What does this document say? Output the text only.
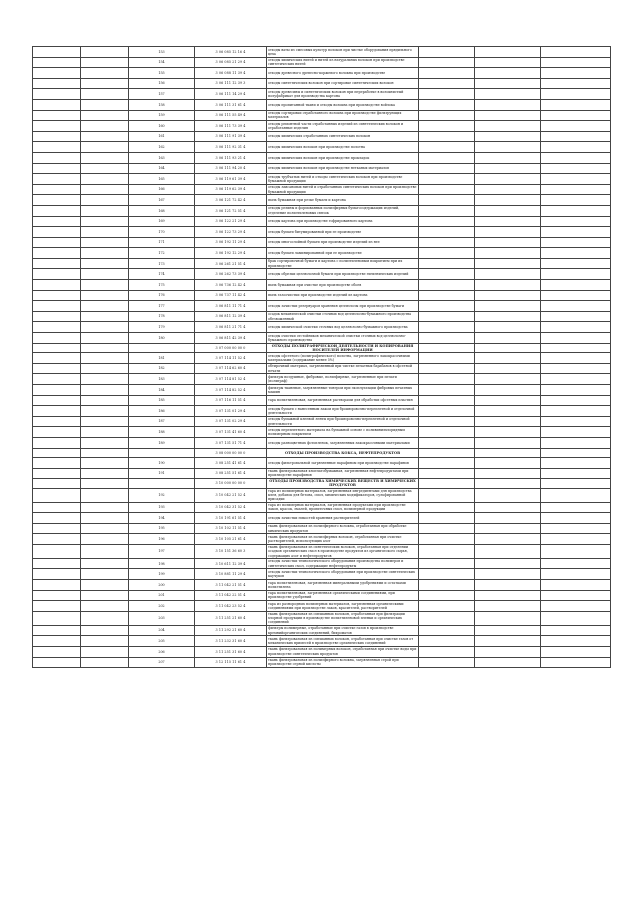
		153	3 06 085 12 16 4	отходы ваты из смесовых культур волокон при чистке оборудования прядильного цеха			
		154	3 06 085 21 29 4	отходы химических нитей и нитей из натуральных волокон при производстве синтетических нитей			
		155	3 06 088 11 39 4	отходы древесного древесно-коржевого волокна при производстве			
		156	3 06 111 12 39 3	отходы синтетических волокон при сортировке синтетических волокон			
		157	3 06 111 14 29 4	отходы древесины и синтетических волокон при переработке в волокнистый полуфабрикат для производства картона			
		158	3 06 111 31 61 4	отходы пропитанной ткани и отходы волокна при производстве войлока			
		159	3 06 111 55 49 4	отходы сортировки отработанного волокна при производстве фильтрующих материалов			
		160	3 06 111 73 39 4	отходы ремонтной части отработанных изделий из синтетических волокон и отработанные изделия			
		161	3 06 111 91 39 4	отходы химических отработанных синтетических волокон			
		162	3 06 111 92 31 4	отходы химических волокон при производстве полотна			
		163	3 06 111 93 21 4	отходы химических волокон при производстве прокладок			
		164	3 06 111 94 20 4	отходы химических волокон при производстве нетканых материалов			
		165	3 06 119 61 39 4	отходы трубчатых нитей и отходы синтетических волокон при производстве бумажной продукции			
		166	3 06 119 62 39 4	отходы лавсановых нитей и отработанных синтетических волокон при производстве бумажной продукции			
		167	3 06 121 72 42 4	пыль бумажная при резке бумаги и картона			
		168	3 06 121 72 51 4	отходы резины и формованных полиэфирных бумагосодержащих изделий, отделение полиэтиленовых связок			
		169	3 06 122 21 29 4	отходы картона при производстве гофрированного картона			
		170	3 06 122 73 29 4	отходы бумаги битумированной при ее производстве			
		171	3 06 192 11 29 4	отходы многослойной бумаги при производстве изделий из нее			
		172	3 06 192 12 29 4	отходы бумаги ламинированной при ее производстве			
		173	3 06 261 21 51 4	брак сортировочной бумаги и картона с полиэтиленовым покрытием при их производстве			
		174	3 06 262 73 39 4	отходы обрезки целлюлозной бумаги при производстве гигиенических изделий			
		175	3 06 736 12 42 4	пыль бумажная при очистке при производстве обоев			
		176	3 06 737 11 42 4	пыль газоочистки при производстве изделий из картона			
		177	3 06 811 11 71 4	отходы зачистки резервуаров хранения целлюлозы при производстве бумаги			
		178	3 06 811 12 39 4	осадок механической очистки сточных вод целлюлозно-бумажного производства обезвоженный			
		179	3 06 811 21 71 4	отходы химической очистки сточных вод целлюлозно-бумажного производства			
		180	3 06 811 42 39 4	отходы очистки отстойников механической очистки сточных вод целлюлозно-бумажного производства			
			3 07 000 00 00 0	ОТХОДЫ ПОЛИГРАФИЧЕСКОЙ ДЕЯТЕЛЬНОСТИ И КОПИРОВАНИЯ НОСИТЕЛЕЙ ИНФОРМАЦИИ			
		181	3 07 114 11 52 4	отходы офсетного (полиграфического) полотна, загрязненного лакокрасочными материалами (содержание менее 5%)			
		182	3 07 114 62 60 4	обтирочный материал, загрязненный при чистке печатных барабанов в офсетной печати			
		183	3 07 114 81 52 4	фильтры воздушные, фибровые, полиэфирные, загрязненные при печати (полиграф)			
		184	3 07 114 82 52 4	фильтры тканевые, загрязненные тонером при эксплуатации фибровых печатных машин			
		185	3 07 116 11 51 4	тара полиэтиленовая, загрязненная растворами для обработки офсетных пластин			
		186	3 07 131 01 29 4	отходы бумаги с нанесенным лаком при брошюровочно-переплетной и отделочной деятельности			
		187	3 07 131 02 29 4	отходы бумажной клеевой ленты при брошюровочно-переплетной и отделочной деятельности			
		188	3 07 131 41 60 4	отходы переплетного материала на бумажной основе с поливинилхлоридным полимерным покрытием			
		189	3 07 131 51 71 4	отходы разноцветных фотопленок, загрязненных лакокрасочными материалами			
			3 08 000 00 00 0	ОТХОДЫ ПРОИЗВОДСТВА КОКСА, НЕФТЕПРОДУКТОВ			
		190	3 08 251 41 61 4	отходы фильтровальной загрязненные парафином при производстве парафинов			
		191	3 08 251 51 61 4	ткань фильтровальная хлопчатобумажная, загрязненная нефтепродуктами при производстве парафинов			
			3 10 000 00 00 0	ОТХОДЫ ПРОИЗВОДСТВА ХИМИЧЕСКИХ ВЕЩЕСТВ И ХИМИЧЕСКИХ ПРОДУКТОВ			
		192	3 10 042 21 52 4	тара из полимерных материалов, загрязненная ингредиентами для производства клея, добавок для бетона, смол, химических модификаторов, сульфированной присадки			
		193	3 10 042 31 52 4	тара из полимерных материалов, загрязненная продуктами при производстве лаков, красок, эмалей, пропиточных смол, полимерной продукции			
		194	3 10 191 61 51 4	отходы зачистки емкостей хранения растворителей			
		195	3 10 102 11 51 4	ткань фильтровальная из полиэфирного волокна, отработанная при обработке химических продуктов			
		196	3 10 105 21 61 4	ткань фильтровальная из полиэфирных волокон, отработанная при очистке растворителей, использующих азот			
		197	3 10 151 36 60 3	ткань фильтровальная из синтетических волокон, отработанная при отделении осадков органических смол в производстве продуктов из органического сырья, содержащих азот и нефтепродуктов			
		198	3 10 611 12 39 4	отходы зачистки технологического оборудования производства полимеров и синтетических смол, содержащие нефтепродукты			
		199	3 10 881 11 29 4	отходы зачистки технологического оборудования при производстве синтетических каучуков			
		200	3 11 042 21 51 4	тара полиэтиленовая, загрязненная минеральными удобрениями и остатками полиэтилена			
		201	3 11 042 22 51 4	тара полиэтиленовая, загрязненная органическими соединениями, при производстве удобрений			
		202	3 11 042 23 52 4	тара из разнородных полимерных материалов, загрязненная органическими соединениями при производстве лаков, красителей, растворителей			
		203	3 11 251 21 60 4	ткань фильтровальная из смешанных волокон, отработанная при фильтрации хлорной продукции в производстве полиэтиленовой пленки и органических соединений			
		204	3 11 292 21 60 4	фильтры полимерные, отработанные при очистке газов в производстве кремнийорганических соединений, бихроматов			
		205	3 11 232 31 60 4	ткань фильтровальная из смешанных волокон, отработанная при очистке газов от механических примесей в производстве органических соединений			
		206	3 11 251 31 60 4	ткань фильтровальная из полимерных волокон, отработанная при очистке воды при производстве синтетических продуктов			
		207	3 12 115 11 61 4	ткань фильтровальная из полиэфирного волокна, загрязненная серой при производстве серной кислоты			
